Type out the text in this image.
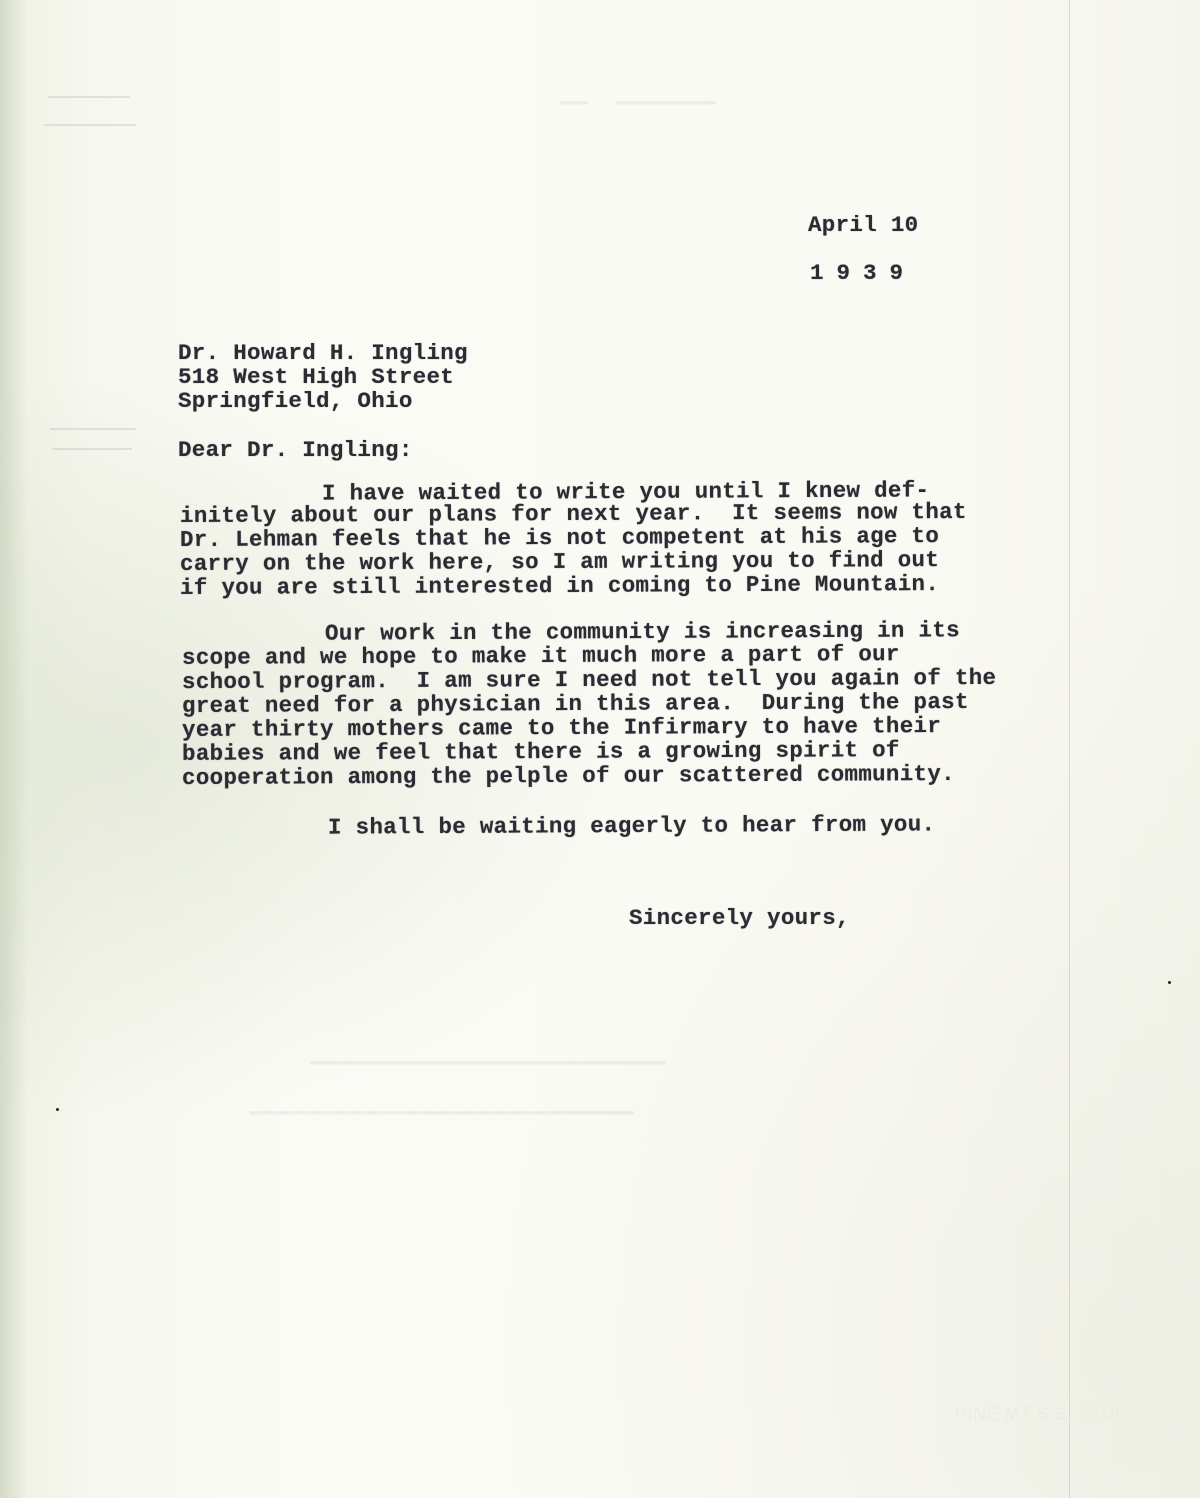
▁▁  ▁▁▁▁▁▁▁
▁▁▁▁▁▁▁▁▁▁▁▁▁▁▁▁▁▁▁▁▁▁▁▁▁
▁▁▁▁▁▁▁▁▁▁▁▁▁▁▁▁▁▁▁▁▁▁▁▁▁▁▁
April 10
1939
Dr. Howard H. Ingling
518 West High Street
Springfield, Ohio
Dear Dr. Ingling:
I have waited to write you until I knew def-
initely about our plans for next year.  It seems now that
Dr. Lehman feels that he is not competent at his age to
carry on the work here, so I am writing you to find out
if you are still interested in coming to Pine Mountain.
Our work in the community is increasing in its
scope and we hope to make it much more a part of our
school program.  I am sure I need not tell you again of the
great need for a physician in this area.  During the past
year thirty mothers came to the Infirmary to have their
babies and we feel that there is a growing spirit of
cooperation among the pelple of our scattered community.
I shall be waiting eagerly to hear from you.
Sincerely yours,
PINE MT S.S. 2018
